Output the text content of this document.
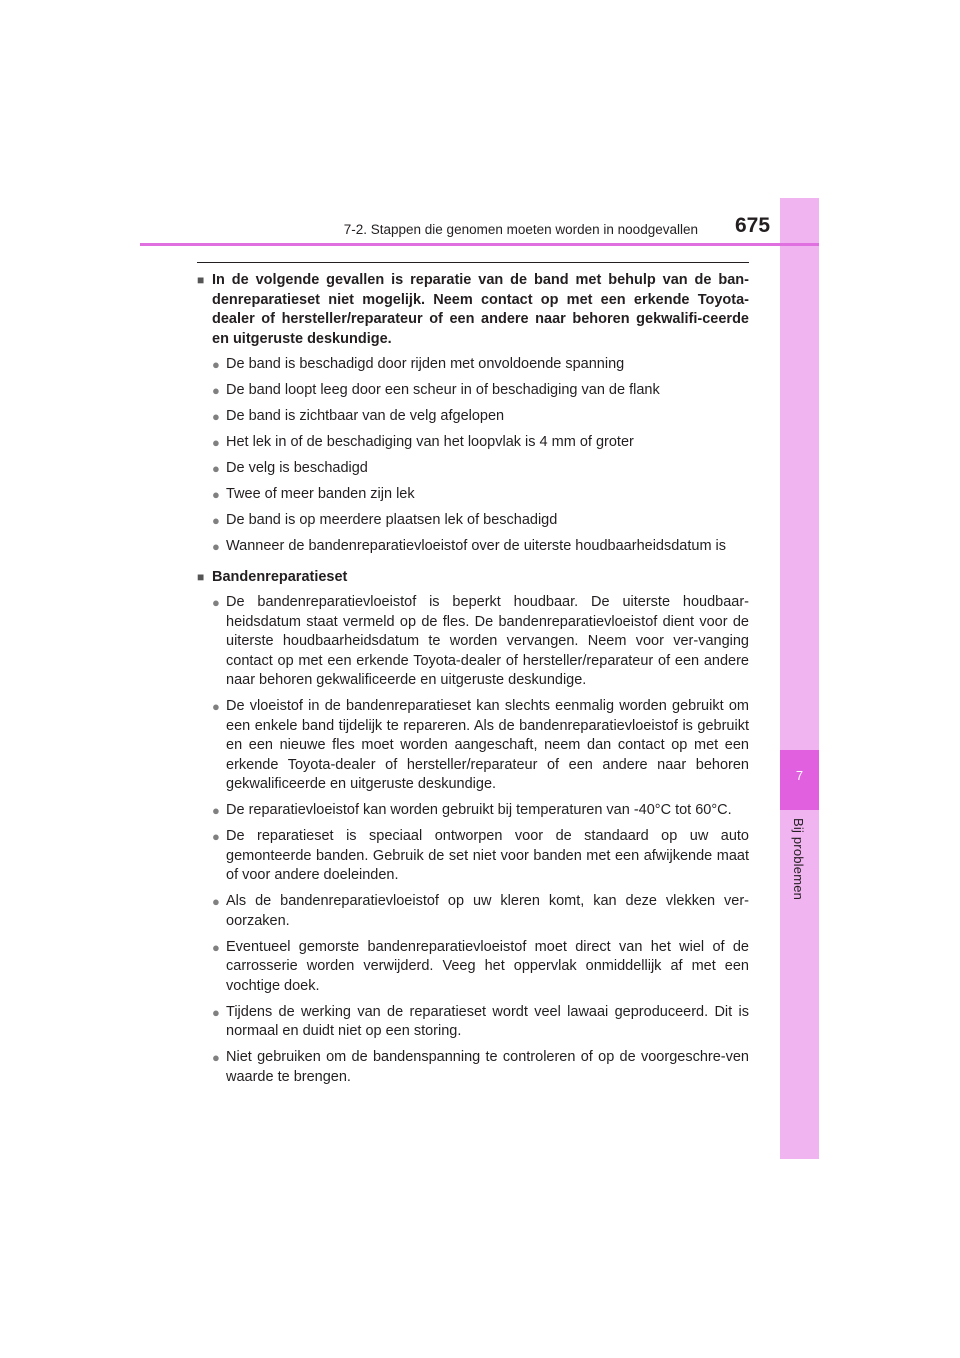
7
Bij problemen
7-2. Stappen die genomen moeten worden in noodgevallen 675
■ In de volgende gevallen is reparatie van de band met behulp van de ban-denreparatieset niet mogelijk. Neem contact op met een erkende Toyota-dealer of hersteller/reparateur of een andere naar behoren gekwalifi-ceerde en uitgeruste deskundige.
● De band is beschadigd door rijden met onvoldoende spanning
● De band loopt leeg door een scheur in of beschadiging van de flank
● De band is zichtbaar van de velg afgelopen
● Het lek in of de beschadiging van het loopvlak is 4 mm of groter
● De velg is beschadigd
● Twee of meer banden zijn lek
● De band is op meerdere plaatsen lek of beschadigd
● Wanneer de bandenreparatievloeistof over de uiterste houdbaarheidsdatum is
■ Bandenreparatieset
● De bandenreparatievloeistof is beperkt houdbaar. De uiterste houdbaar-heidsdatum staat vermeld op de fles. De bandenreparatievloeistof dient voor de uiterste houdbaarheidsdatum te worden vervangen. Neem voor ver-vanging contact op met een erkende Toyota-dealer of hersteller/reparateur of een andere naar behoren gekwalificeerde en uitgeruste deskundige.
● De vloeistof in de bandenreparatieset kan slechts eenmalig worden gebruikt om een enkele band tijdelijk te repareren. Als de bandenreparatievloeistof is gebruikt en een nieuwe fles moet worden aangeschaft, neem dan contact op met een erkende Toyota-dealer of hersteller/reparateur of een andere naar behoren gekwalificeerde en uitgeruste deskundige.
● De reparatievloeistof kan worden gebruikt bij temperaturen van -40°C tot 60°C.
● De reparatieset is speciaal ontworpen voor de standaard op uw auto gemonteerde banden. Gebruik de set niet voor banden met een afwijkende maat of voor andere doeleinden.
● Als de bandenreparatievloeistof op uw kleren komt, kan deze vlekken ver-oorzaken.
● Eventueel gemorste bandenreparatievloeistof moet direct van het wiel of de carrosserie worden verwijderd. Veeg het oppervlak onmiddellijk af met een vochtige doek.
● Tijdens de werking van de reparatieset wordt veel lawaai geproduceerd. Dit is normaal en duidt niet op een storing.
● Niet gebruiken om de bandenspanning te controleren of op de voorgeschre-ven waarde te brengen.
